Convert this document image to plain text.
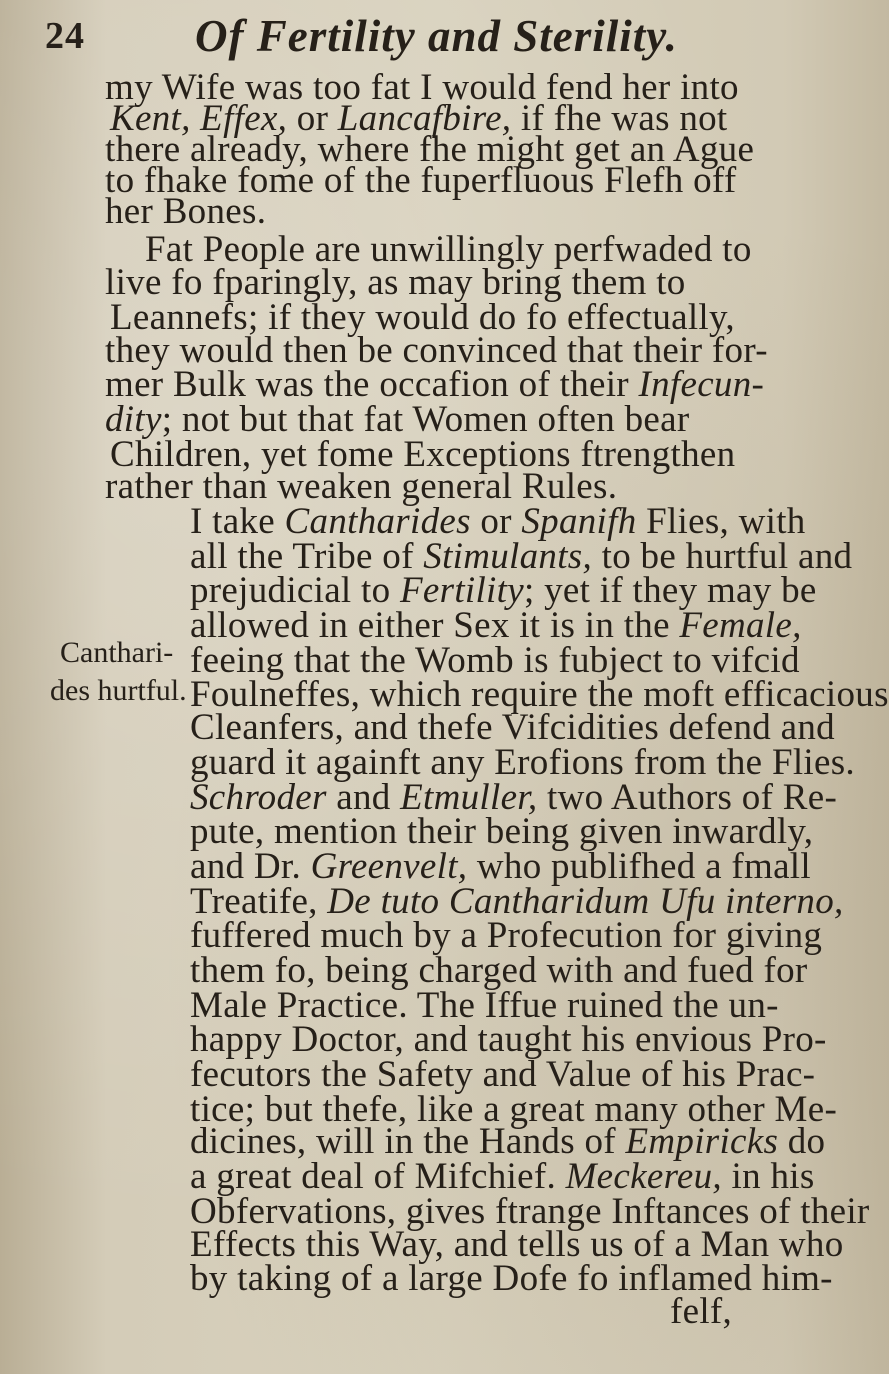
24 Of Fertility and Sterility.
Canthari-
des hurtful.
my Wife was too fat I would fend her into
Kent, Effex, or Lancafbire, if fhe was not
there already, where fhe might get an Ague
to fhake fome of the fuperfluous Flefh off
her Bones.
Fat People are unwillingly perfwaded to
live fo fparingly, as may bring them to
Leannefs; if they would do fo effectually,
they would then be convinced that their for-
mer Bulk was the occafion of their Infecun-
dity; not but that fat Women often bear
Children, yet fome Exceptions ftrengthen
rather than weaken general Rules.
I take Cantharides or Spanifh Flies, with
all the Tribe of Stimulants, to be hurtful and
prejudicial to Fertility; yet if they may be
allowed in either Sex it is in the Female,
feeing that the Womb is fubject to vifcid
Foulneffes, which require the moft efficacious
Cleanfers, and thefe Vifcidities defend and
guard it againft any Erofions from the Flies.
Schroder and Etmuller, two Authors of Re-
pute, mention their being given inwardly,
and Dr. Greenvelt, who publifhed a fmall
Treatife, De tuto Cantharidum Ufu interno,
fuffered much by a Profecution for giving
them fo, being charged with and fued for
Male Practice. The Iffue ruined the un-
happy Doctor, and taught his envious Pro-
fecutors the Safety and Value of his Prac-
tice; but thefe, like a great many other Me-
dicines, will in the Hands of Empiricks do
a great deal of Mifchief. Meckereu, in his
Obfervations, gives ftrange Inftances of their
Effects this Way, and tells us of a Man who
by taking of a large Dofe fo inflamed him-
felf,
